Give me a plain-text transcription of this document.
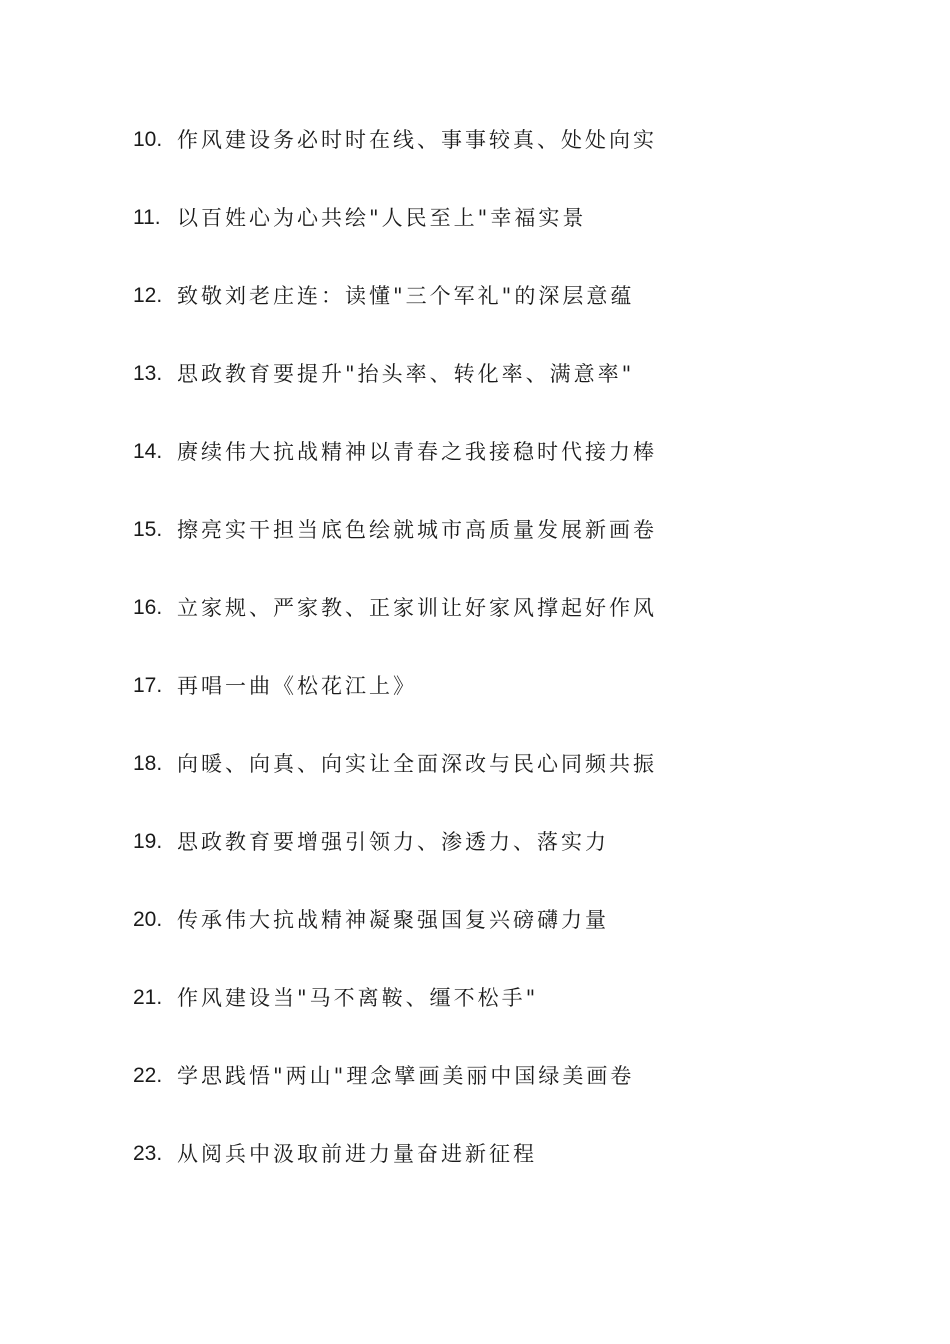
10. 作风建设务必时时在线、事事较真、处处向实
11. 以百姓心为心共绘"人民至上"幸福实景
12. 致敬刘老庄连：读懂"三个军礼"的深层意蕴
13. 思政教育要提升"抬头率、转化率、满意率"
14. 赓续伟大抗战精神以青春之我接稳时代接力棒
15. 擦亮实干担当底色绘就城市高质量发展新画卷
16. 立家规、严家教、正家训让好家风撑起好作风
17. 再唱一曲《松花江上》
18. 向暖、向真、向实让全面深改与民心同频共振
19. 思政教育要增强引领力、渗透力、落实力
20. 传承伟大抗战精神凝聚强国复兴磅礴力量
21. 作风建设当"马不离鞍、缰不松手"
22. 学思践悟"两山"理念擘画美丽中国绿美画卷
23. 从阅兵中汲取前进力量奋进新征程
